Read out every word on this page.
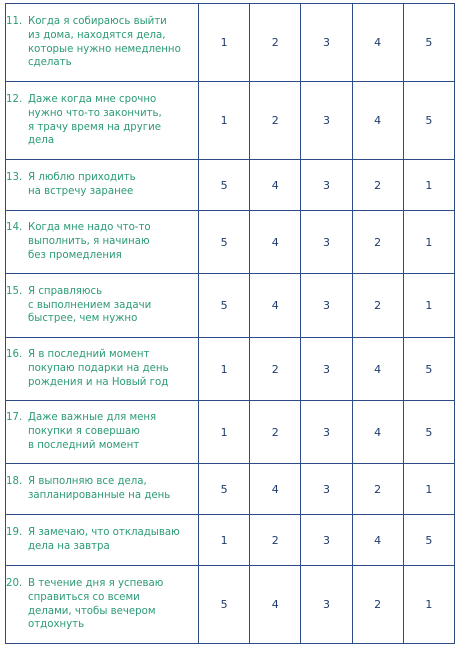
11. Когда я собираюсь выйти
из дома, находятся дела,
которые нужно немедленно
сделать	1	2	3	4	5

12. Даже когда мне срочно
нужно что-то закончить,
я трачу время на другие
дела	1	2	3	4	5

13. Я люблю приходить
на встречу заранее	5	4	3	2	1

14. Когда мне надо что-то
выполнить, я начинаю
без промедления	5	4	3	2	1

15. Я справляюсь
с выполнением задачи
быстрее, чем нужно	5	4	3	2	1

16. Я в последний момент
покупаю подарки на день
рождения и на Новый год	1	2	3	4	5

17. Даже важные для меня
покупки я совершаю
в последний момент	1	2	3	4	5

18. Я выполняю все дела,
запланированные на день	5	4	3	2	1

19. Я замечаю, что откладываю
дела на завтра	1	2	3	4	5

20. В течение дня я успеваю
справиться со всеми
делами, чтобы вечером
отдохнуть	5	4	3	2	1
